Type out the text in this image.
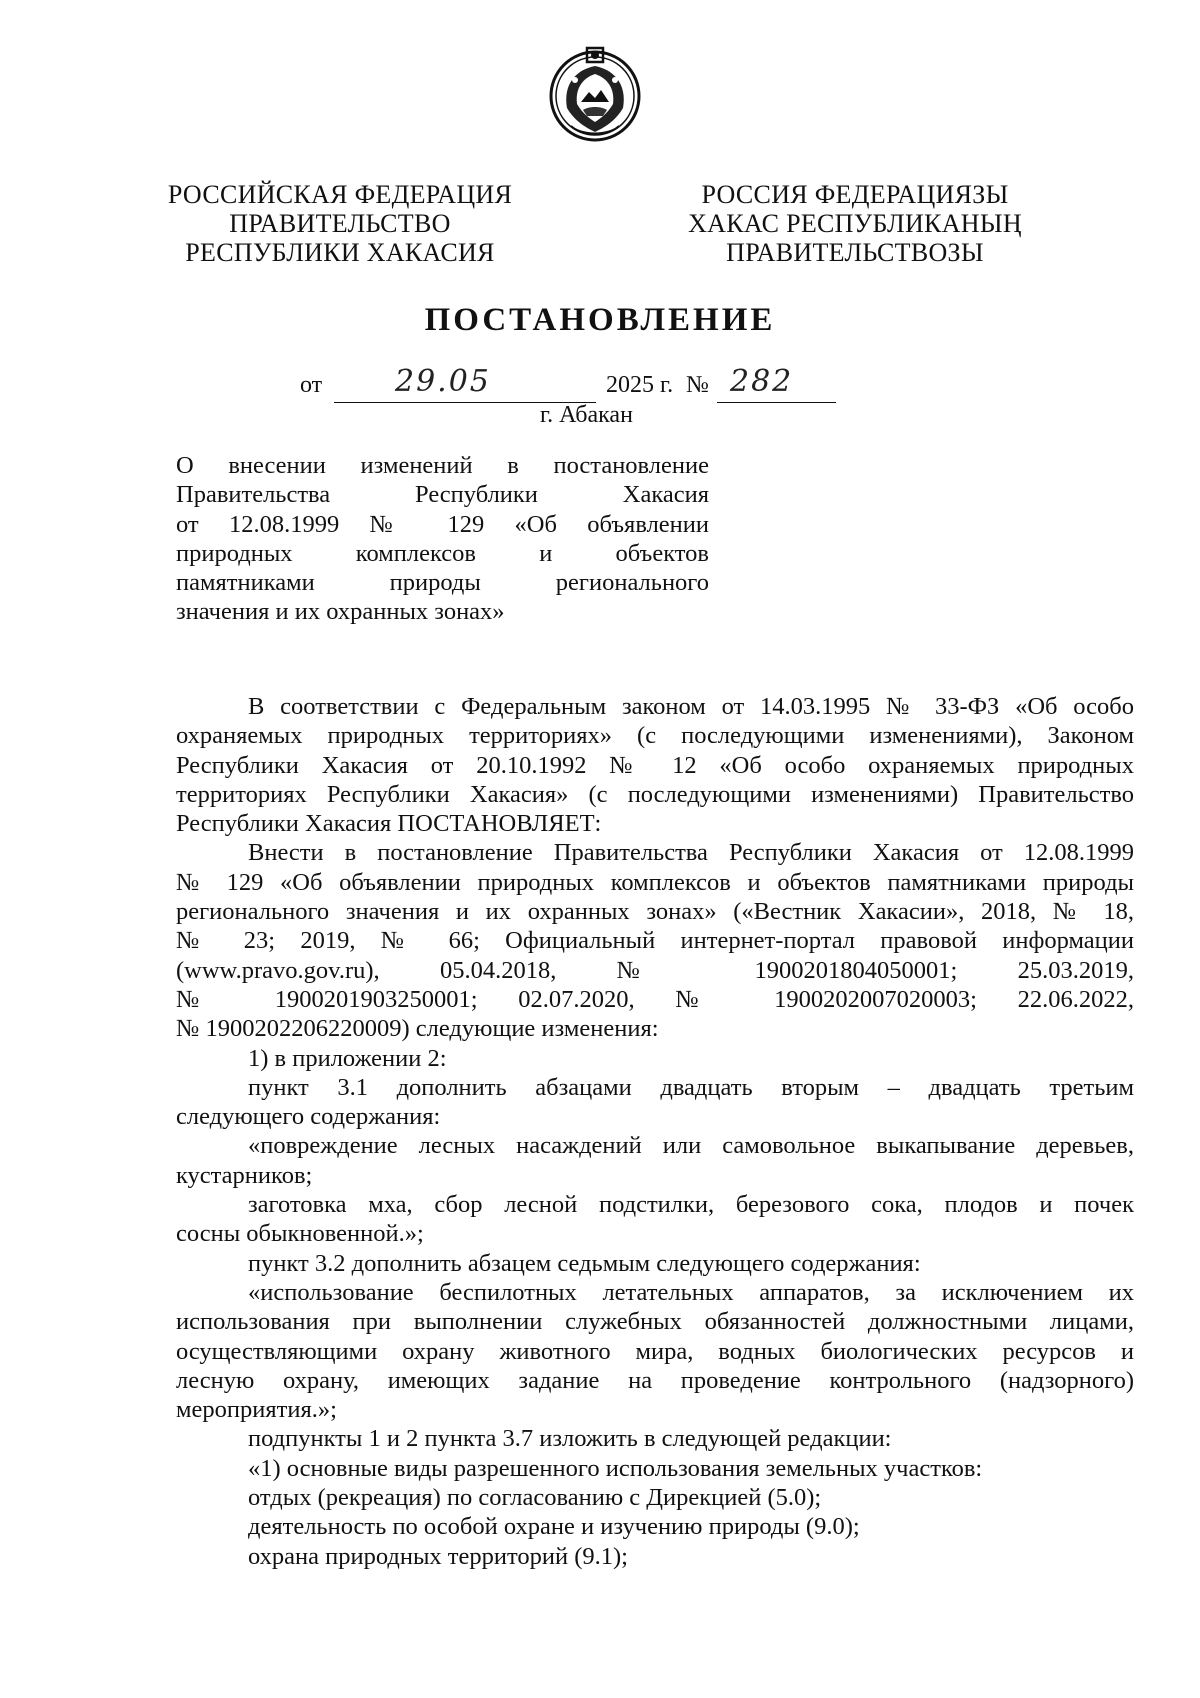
РОССИЙСКАЯ ФЕДЕРАЦИЯ
ПРАВИТЕЛЬСТВО
РЕСПУБЛИКИ ХАКАСИЯ
РОССИЯ ФЕДЕРАЦИЯЗЫ
ХАКАС РЕСПУБЛИКАНЫҢ
ПРАВИТЕЛЬСТВОЗЫ
ПОСТАНОВЛЕНИЕ
от 29.05	2025 г. № 282
г. Абакан
О внесении изменений в постановление
Правительства Республики Хакасия
от 12.08.1999 № 129 «Об объявлении
природных комплексов и объектов
памятниками природы регионального
значения и их охранных зонах»
В соответствии с Федеральным законом от 14.03.1995 № 33-ФЗ «Об особо
охраняемых природных территориях» (с последующими изменениями), Законом
Республики Хакасия от 20.10.1992 № 12 «Об особо охраняемых природных
территориях Республики Хакасия» (с последующими изменениями) Правительство
Республики Хакасия ПОСТАНОВЛЯЕТ:
Внести в постановление Правительства Республики Хакасия от 12.08.1999
№ 129 «Об объявлении природных комплексов и объектов памятниками природы
регионального значения и их охранных зонах» («Вестник Хакасии», 2018, № 18,
№ 23; 2019, № 66; Официальный интернет-портал правовой информации
(www.pravo.gov.ru), 05.04.2018, № 1900201804050001; 25.03.2019,
№ 1900201903250001; 02.07.2020, № 1900202007020003; 22.06.2022,
№ 1900202206220009) следующие изменения:
1) в приложении 2:
пункт 3.1 дополнить абзацами двадцать вторым – двадцать третьим
следующего содержания:
«повреждение лесных насаждений или самовольное выкапывание деревьев,
кустарников;
заготовка мха, сбор лесной подстилки, березового сока, плодов и почек
сосны обыкновенной.»;
пункт 3.2 дополнить абзацем седьмым следующего содержания:
«использование беспилотных летательных аппаратов, за исключением их
использования при выполнении служебных обязанностей должностными лицами,
осуществляющими охрану животного мира, водных биологических ресурсов и
лесную охрану, имеющих задание на проведение контрольного (надзорного)
мероприятия.»;
подпункты 1 и 2 пункта 3.7 изложить в следующей редакции:
«1) основные виды разрешенного использования земельных участков:
отдых (рекреация) по согласованию с Дирекцией (5.0);
деятельность по особой охране и изучению природы (9.0);
охрана природных территорий (9.1);
